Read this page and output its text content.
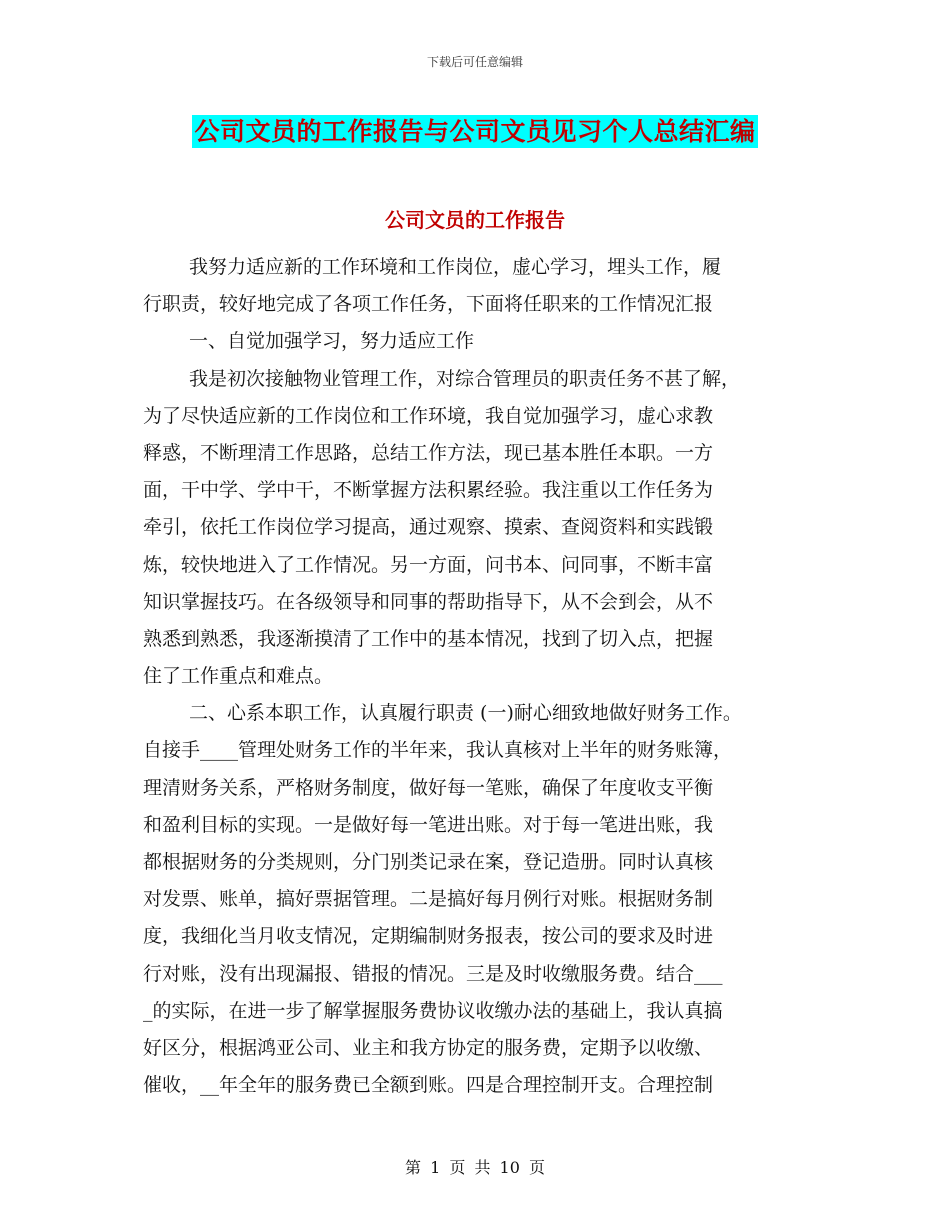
下载后可任意编辑
公司文员的工作报告与公司文员见习个人总结汇编
公司文员的工作报告
我努力适应新的工作环境和工作岗位，虚心学习，埋头工作，履
行职责，较好地完成了各项工作任务，下面将任职来的工作情况汇报
一、自觉加强学习，努力适应工作
我是初次接触物业管理工作，对综合管理员的职责任务不甚了解，
为了尽快适应新的工作岗位和工作环境，我自觉加强学习，虚心求教
释惑，不断理清工作思路，总结工作方法，现已基本胜任本职。一方
面，干中学、学中干，不断掌握方法积累经验。我注重以工作任务为
牵引，依托工作岗位学习提高，通过观察、摸索、查阅资料和实践锻
炼，较快地进入了工作情况。另一方面，问书本、问同事，不断丰富
知识掌握技巧。在各级领导和同事的帮助指导下，从不会到会，从不
熟悉到熟悉，我逐渐摸清了工作中的基本情况，找到了切入点，把握
住了工作重点和难点。
二、心系本职工作，认真履行职责 (一)耐心细致地做好财务工作。
自接手____管理处财务工作的半年来，我认真核对上半年的财务账簿，
理清财务关系，严格财务制度，做好每一笔账，确保了年度收支平衡
和盈利目标的实现。一是做好每一笔进出账。对于每一笔进出账，我
都根据财务的分类规则，分门别类记录在案，登记造册。同时认真核
对发票、账单，搞好票据管理。二是搞好每月例行对账。根据财务制
度，我细化当月收支情况，定期编制财务报表，按公司的要求及时进
行对账，没有出现漏报、错报的情况。三是及时收缴服务费。结合___
_的实际，在进一步了解掌握服务费协议收缴办法的基础上，我认真搞
好区分，根据鸿亚公司、业主和我方协定的服务费，定期予以收缴、
催收，__年全年的服务费已全额到账。四是合理控制开支。合理控制
第 1 页 共 10 页
